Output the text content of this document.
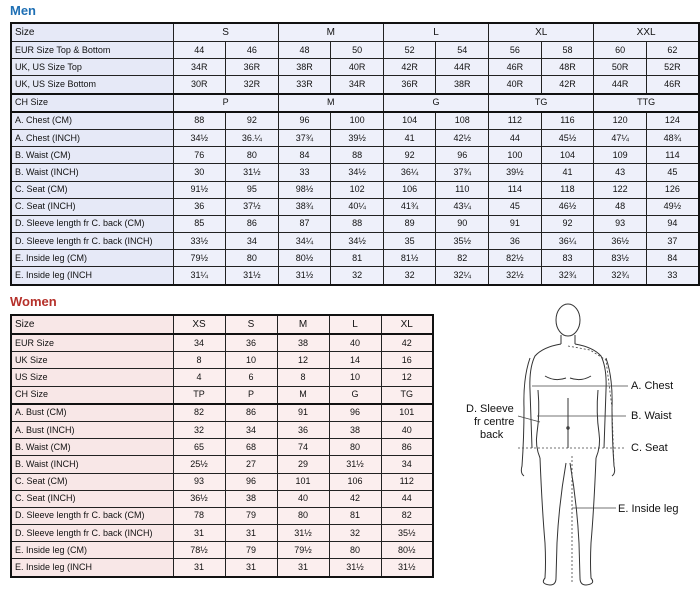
Men
Size	S		M		L		XL		XXL	
EUR Size Top & Bottom	44	46	48	50	52	54	56	58	60	62
UK, US Size Top	34R	36R	38R	40R	42R	44R	46R	48R	50R	52R
UK, US Size Bottom	30R	32R	33R	34R	36R	38R	40R	42R	44R	46R
CH Size	P		M		G		TG		TTG	
A. Chest (CM)	88	92	96	100	104	108	112	116	120	124
A. Chest (INCH)	34½	36.¼	37¾	39½	41	42½	44	45½	47¼	48¾
B. Waist (CM)	76	80	84	88	92	96	100	104	109	114
B. Waist (INCH)	30	31½	33	34½	36¼	37¾	39½	41	43	45
C. Seat (CM)	91½	95	98½	102	106	110	114	118	122	126
C. Seat (INCH)	36	37½	38¾	40¼	41¾	43¼	45	46½	48	49½
D. Sleeve length fr C. back (CM)	85	86	87	88	89	90	91	92	93	94
D. Sleeve length fr C. back (INCH)	33½	34	34¼	34½	35	35½	36	36¼	36½	37
E. Inside leg (CM)	79½	80	80½	81	81½	82	82½	83	83½	84
E. Inside leg (INCH	31¼	31½	31½	32	32	32¼	32½	32¾	32¾	33
Women
Size	XS	S	M	L	XL
EUR Size	34	36	38	40	42
UK Size	8	10	12	14	16
US Size	4	6	8	10	12
CH Size	TP	P	M	G	TG
A. Bust (CM)	82	86	91	96	101
A. Bust (INCH)	32	34	36	38	40
B. Waist (CM)	65	68	74	80	86
B. Waist (INCH)	25½	27	29	31½	34
C. Seat (CM)	93	96	101	106	112
C. Seat (INCH)	36½	38	40	42	44
D. Sleeve length fr C. back (CM)	78	79	80	81	82
D. Sleeve length fr C. back (INCH)	31	31	31½	32	35½
E. Inside leg (CM)	78½	79	79½	80	80½
E. Inside leg (INCH	31	31	31	31½	31½
A. Chest
B. Waist
C. Seat
D. Sleeve
fr centre
back
E. Inside leg
